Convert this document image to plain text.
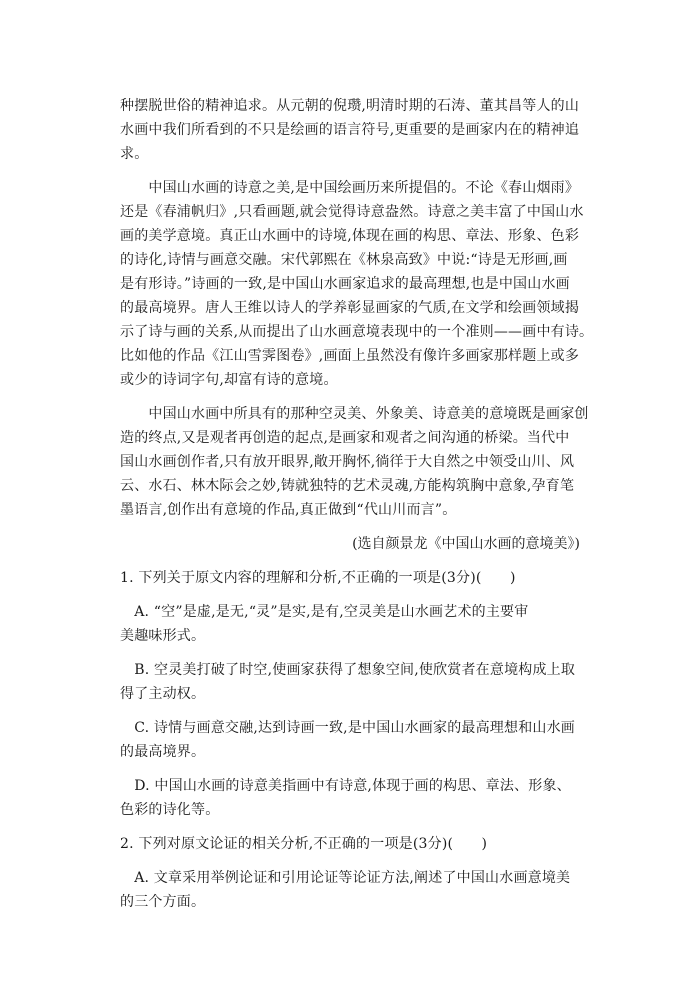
种摆脱世俗的精神追求。从元朝的倪瓒,明清时期的石涛、董其昌等人的山
水画中我们所看到的不只是绘画的语言符号,更重要的是画家内在的精神追
求。
　　中国山水画的诗意之美,是中国绘画历来所提倡的。不论《春山烟雨》
还是《春浦帆归》,只看画题,就会觉得诗意盎然。诗意之美丰富了中国山水
画的美学意境。真正山水画中的诗境,体现在画的构思、章法、形象、色彩
的诗化,诗情与画意交融。宋代郭熙在《林泉高致》中说:“诗是无形画,画
是有形诗。”诗画的一致,是中国山水画家追求的最高理想,也是中国山水画
的最高境界。唐人王维以诗人的学养彰显画家的气质,在文学和绘画领域揭
示了诗与画的关系,从而提出了山水画意境表现中的一个准则——画中有诗。
比如他的作品《江山雪霁图卷》,画面上虽然没有像许多画家那样题上或多
或少的诗词字句,却富有诗的意境。
　　中国山水画中所具有的那种空灵美、外象美、诗意美的意境既是画家创
造的终点,又是观者再创造的起点,是画家和观者之间沟通的桥梁。当代中
国山水画创作者,只有放开眼界,敞开胸怀,徜徉于大自然之中领受山川、风
云、水石、林木际会之妙,铸就独特的艺术灵魂,方能构筑胸中意象,孕育笔
墨语言,创作出有意境的作品,真正做到“代山川而言”。
(选自颜景龙《中国山水画的意境美》)
1. 下列关于原文内容的理解和分析,不正确的一项是(3分)(　　)
　A. “空”是虚,是无,“灵”是实,是有,空灵美是山水画艺术的主要审
美趣味形式。
　B. 空灵美打破了时空,使画家获得了想象空间,使欣赏者在意境构成上取
得了主动权。
　C. 诗情与画意交融,达到诗画一致,是中国山水画家的最高理想和山水画
的最高境界。
　D. 中国山水画的诗意美指画中有诗意,体现于画的构思、章法、形象、
色彩的诗化等。
2. 下列对原文论证的相关分析,不正确的一项是(3分)(　　)
　A. 文章采用举例论证和引用论证等论证方法,阐述了中国山水画意境美
的三个方面。
